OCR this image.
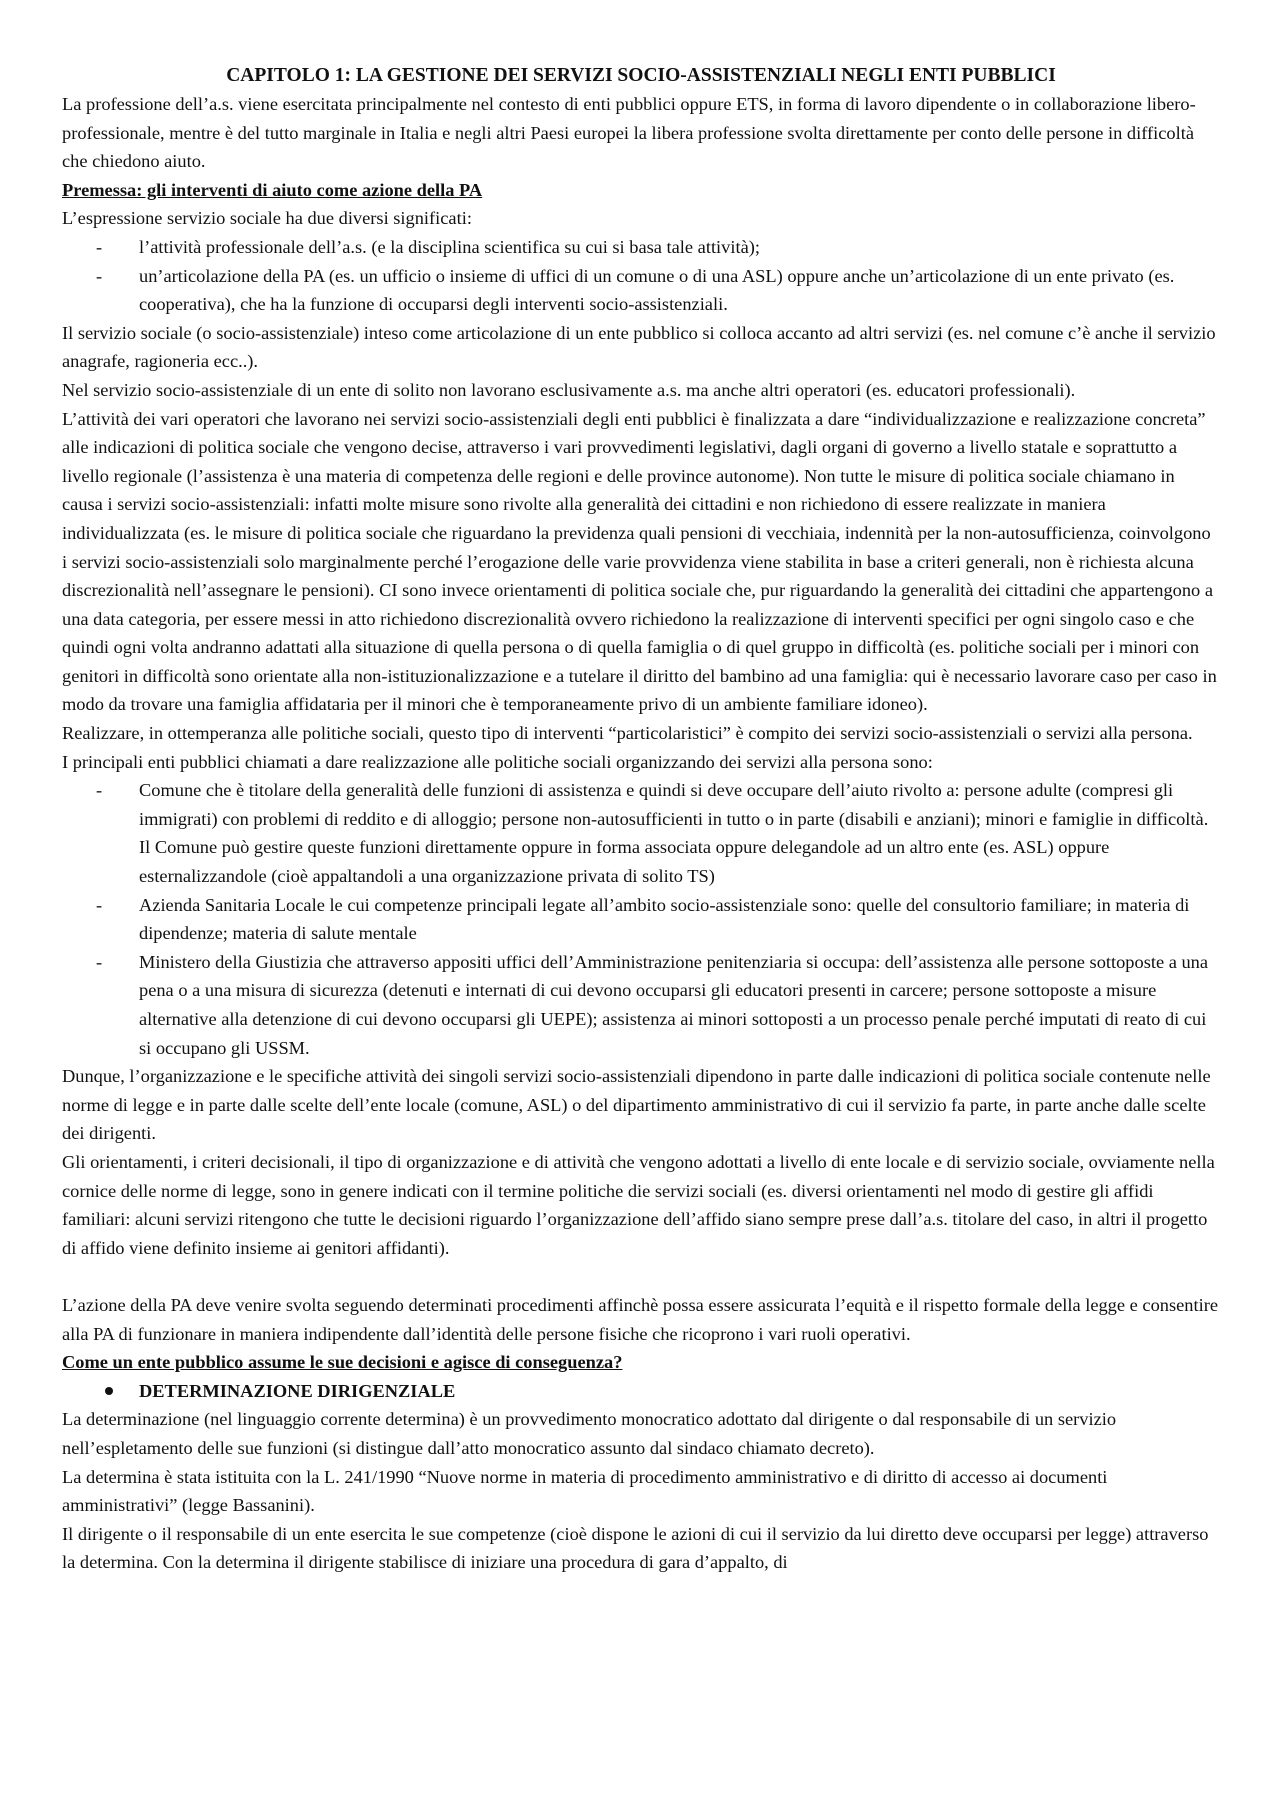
CAPITOLO 1: LA GESTIONE DEI SERVIZI SOCIO-ASSISTENZIALI NEGLI ENTI PUBBLICI

La professione dell’a.s. viene esercitata principalmente nel contesto di enti pubblici oppure ETS, in forma di lavoro dipendente o in collaborazione libero-professionale, mentre è del tutto marginale in Italia e negli altri Paesi europei la libera professione svolta direttamente per conto delle persone in difficoltà che chiedono aiuto.

Premessa: gli interventi di aiuto come azione della PA

L’espressione servizio sociale ha due diversi significati:

- l’attività professionale dell’a.s. (e la disciplina scientifica su cui si basa tale attività);
- un’articolazione della PA (es. un ufficio o insieme di uffici di un comune o di una ASL) oppure anche un’articolazione di un ente privato (es. cooperativa), che ha la funzione di occuparsi degli interventi socio-assistenziali.

Il servizio sociale (o socio-assistenziale) inteso come articolazione di un ente pubblico si colloca accanto ad altri servizi (es. nel comune c’è anche il servizio anagrafe, ragioneria ecc..).

Nel servizio socio-assistenziale di un ente di solito non lavorano esclusivamente a.s. ma anche altri operatori (es. educatori professionali).

L’attività dei vari operatori che lavorano nei servizi socio-assistenziali degli enti pubblici è finalizzata a dare “individualizzazione e realizzazione concreta” alle indicazioni di politica sociale che vengono decise, attraverso i vari provvedimenti legislativi, dagli organi di governo a livello statale e soprattutto a livello regionale (l’assistenza è una materia di competenza delle regioni e delle province autonome). Non tutte le misure di politica sociale chiamano in causa i servizi socio-assistenziali: infatti molte misure sono rivolte alla generalità dei cittadini e non richiedono di essere realizzate in maniera individualizzata (es. le misure di politica sociale che riguardano la previdenza quali pensioni di vecchiaia, indennità per la non-autosufficienza, coinvolgono i servizi socio-assistenziali solo marginalmente perché l’erogazione delle varie provvidenza viene stabilita in base a criteri generali, non è richiesta alcuna discrezionalità nell’assegnare le pensioni). CI sono invece orientamenti di politica sociale che, pur riguardando la generalità dei cittadini che appartengono a una data categoria, per essere messi in atto richiedono discrezionalità ovvero richiedono la realizzazione di interventi specifici per ogni singolo caso e che quindi ogni volta andranno adattati alla situazione di quella persona o di quella famiglia o di quel gruppo in difficoltà (es. politiche sociali per i minori con genitori in difficoltà sono orientate alla non-istituzionalizzazione e a tutelare il diritto del bambino ad una famiglia: qui è necessario lavorare caso per caso in modo da trovare una famiglia affidataria per il minori che è temporaneamente privo di un ambiente familiare idoneo).

Realizzare, in ottemperanza alle politiche sociali, questo tipo di interventi “particolaristici” è compito dei servizi socio-assistenziali o servizi alla persona.

I principali enti pubblici chiamati a dare realizzazione alle politiche sociali organizzando dei servizi alla persona sono:

- Comune che è titolare della generalità delle funzioni di assistenza e quindi si deve occupare dell’aiuto rivolto a: persone adulte (compresi gli immigrati) con problemi di reddito e di alloggio; persone non-autosufficienti in tutto o in parte (disabili e anziani); minori e famiglie in difficoltà. Il Comune può gestire queste funzioni direttamente oppure in forma associata oppure delegandole ad un altro ente (es. ASL) oppure esternalizzandole (cioè appaltandoli a una organizzazione privata di solito TS)
- Azienda Sanitaria Locale le cui competenze principali legate all’ambito socio-assistenziale sono: quelle del consultorio familiare; in materia di dipendenze; materia di salute mentale
- Ministero della Giustizia che attraverso appositi uffici dell’Amministrazione penitenziaria si occupa: dell’assistenza alle persone sottoposte a una pena o a una misura di sicurezza (detenuti e internati di cui devono occuparsi gli educatori presenti in carcere; persone sottoposte a misure alternative alla detenzione di cui devono occuparsi gli UEPE); assistenza ai minori sottoposti a un processo penale perché imputati di reato di cui si occupano gli USSM.

Dunque, l’organizzazione e le specifiche attività dei singoli servizi socio-assistenziali dipendono in parte dalle indicazioni di politica sociale contenute nelle norme di legge e in parte dalle scelte dell’ente locale (comune, ASL) o del dipartimento amministrativo di cui il servizio fa parte, in parte anche dalle scelte dei dirigenti.

Gli orientamenti, i criteri decisionali, il tipo di organizzazione e di attività che vengono adottati a livello di ente locale e di servizio sociale, ovviamente nella cornice delle norme di legge, sono in genere indicati con il termine politiche die servizi sociali (es. diversi orientamenti nel modo di gestire gli affidi familiari: alcuni servizi ritengono che tutte le decisioni riguardo l’organizzazione dell’affido siano sempre prese dall’a.s. titolare del caso, in altri il progetto di affido viene definito insieme ai genitori affidanti).

L’azione della PA deve venire svolta seguendo determinati procedimenti affinchè possa essere assicurata l’equità e il rispetto formale della legge e consentire alla PA di funzionare in maniera indipendente dall’identità delle persone fisiche che ricoprono i vari ruoli operativi.

Come un ente pubblico assume le sue decisioni e agisce di conseguenza?

DETERMINAZIONE DIRIGENZIALE

La determinazione (nel linguaggio corrente determina) è un provvedimento monocratico adottato dal dirigente o dal responsabile di un servizio nell’espletamento delle sue funzioni (si distingue dall’atto monocratico assunto dal sindaco chiamato decreto).

La determina è stata istituita con la L. 241/1990 “Nuove norme in materia di procedimento amministrativo e di diritto di accesso ai documenti amministrativi” (legge Bassanini).

Il dirigente o il responsabile di un ente esercita le sue competenze (cioè dispone le azioni di cui il servizio da lui diretto deve occuparsi per legge) attraverso la determina. Con la determina il dirigente stabilisce di iniziare una procedura di gara d’appalto, di
